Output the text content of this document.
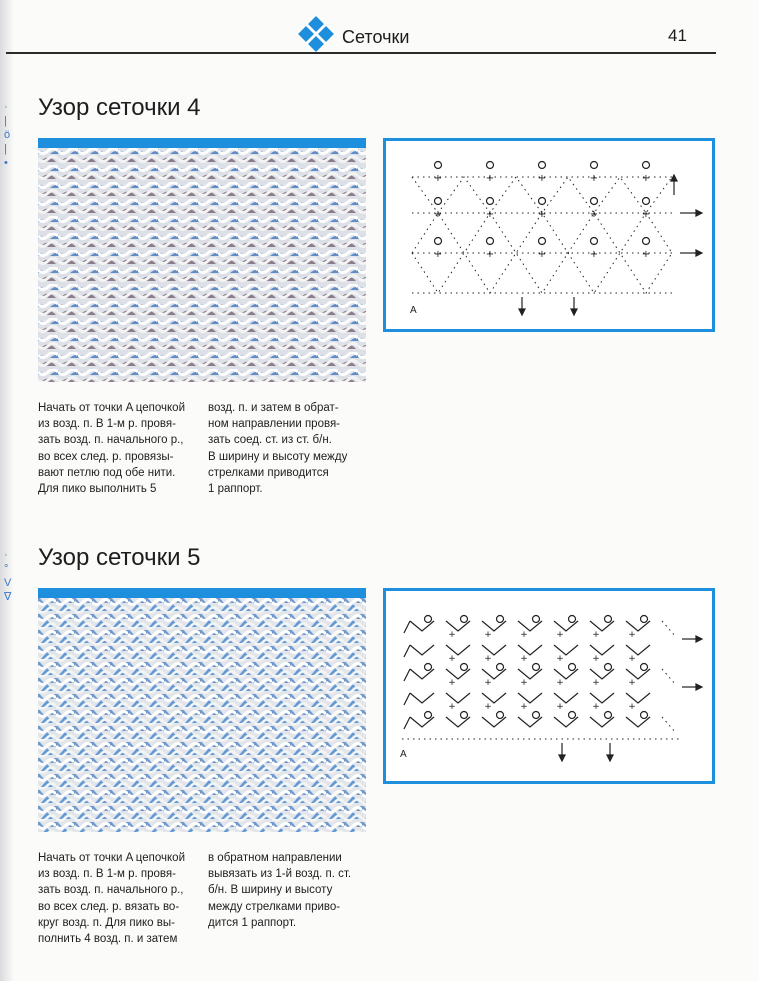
·
|
ö
|
•
·
°
V
∇
Сеточки	41
Узор сеточки 4
+	+	+	+	+
+	+	+	+	+
+	+	+	+	+
A
Начать от точки A цепочкой
из возд. п. В 1-м р. провя-
зать возд. п. начального р.,
во всех след. р. провязы-
вают петлю под обе нити.
Для пико выполнить 5
возд. п. и затем в обрат-
ном направлении провя-
зать соед. ст. из ст. б/н.
В ширину и высоту между
стрелками приводится
1 раппорт.
Узор сеточки 5
+	+	+	+	+	+
+	+	+	+	+	+
+	+	+	+	+	+
+	+	+	+	+	+
A
Начать от точки A цепочкой
из возд. п. В 1-м р. провя-
зать возд. п. начального р.,
во всех след. р. вязать во-
круг возд. п. Для пико вы-
полнить 4 возд. п. и затем
в обратном направлении
вывязать из 1-й возд. п. ст.
б/н. В ширину и высоту
между стрелками приво-
дится 1 раппорт.
